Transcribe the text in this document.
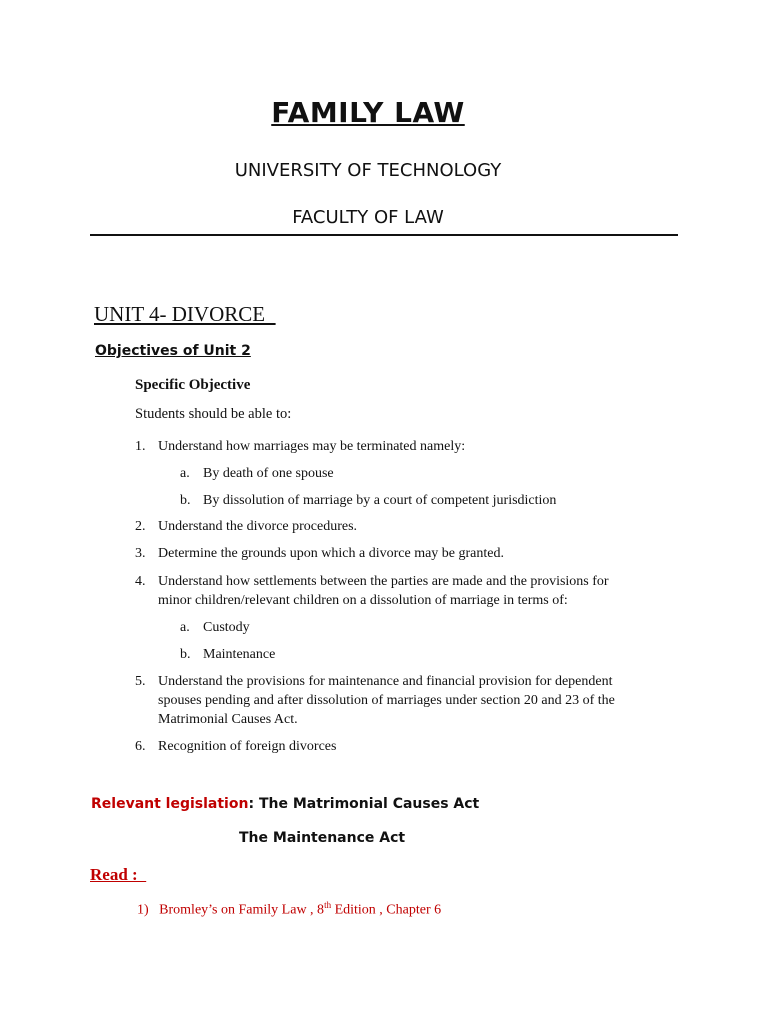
FAMILY LAW
UNIVERSITY OF TECHNOLOGY
FACULTY OF LAW
UNIT 4- DIVORCE
Objectives of Unit 2
Specific Objective
Students should be able to:
1. Understand how marriages may be terminated namely:
a. By death of one spouse
b. By dissolution of marriage by a court of competent jurisdiction
2. Understand the divorce procedures.
3. Determine the grounds upon which a divorce may be granted.
4. Understand how settlements between the parties are made and the provisions for
minor children/relevant children on a dissolution of marriage in terms of:
a. Custody
b. Maintenance
5. Understand the provisions for maintenance and financial provision for dependent
spouses pending and after dissolution of marriages under section 20 and 23 of the
Matrimonial Causes Act.
6. Recognition of foreign divorces
Relevant legislation: The Matrimonial Causes Act
The Maintenance Act
Read :
1) Bromley’s on Family Law , 8th Edition , Chapter 6
